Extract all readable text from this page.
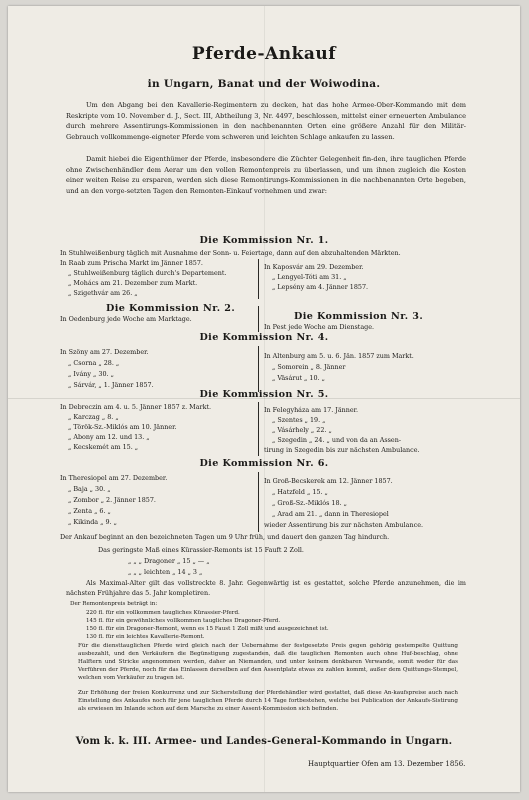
Pferde-Ankauf
in Ungarn, Banat und der Woiwodina.

Um den Abgang bei den Kavallerie-Regimentern zu decken, hat das hohe Armee-Ober-Kommando mit dem Reskripte vom 10. November d. J., Sect. III, Abtheilung 3, Nr. 4497, beschlossen, mittelst einer erneuerten Ambulance durch mehrere Assentirungs-Kommissionen in den nachbenannten Orten eine größere Anzahl für den Militär-Gebrauch vollkommenge-eigneter Pferde vom schweren und leichten Schlage ankaufen zu lassen.

Damit hiebei die Eigenthümer der Pferde, insbesondere die Züchter Gelegenheit fin-den, ihre tauglichen Pferde ohne Zwischenhändler dem Aerar um den vollen Remontenpreis zu überlassen, und um ihnen zugleich die Kosten einer weiten Reise zu ersparen, werden sich diese Remontirungs-Kommissionen in die nachbenannten Orte begeben, und an den vorge-setzten Tagen den Remonten-Einkauf vornehmen und zwar:

Die Kommission Nr. 1.
In Stuhlweißenburg täglich mit Ausnahme der Sonn- u. Feiertage, dann auf den abzuhaltenden Märkten.
In Raab zum Prischa Markt im Jänner 1857.
„ Stuhlweißenburg täglich durch's Departement.
„ Mohács am 21. Dezember zum Markt.
„ Szigethvár am 26. „
In Kaposvár am 29. Dezember.
„ Lengyel-Tóti am 31. „
„ Lepsény am 4. Jänner 1857.
Die Kommission Nr. 2.
Die Kommission Nr. 3.
In Oedenburg jede Woche am Marktage.
In Pest jede Woche am Dienstage.
Die Kommission Nr. 4.
In Szöny am 27. Dezember.
„ Csorna „ 28. „
„ Ivány „ 30. „
„ Sárvár, „ 1. Jänner 1857.
In Altenburg am 5. u. 6. Jän. 1857 zum Markt.
„ Somorein „ 8. Jänner
„ Väsárut „ 10. „
Die Kommission Nr. 5.
In Debreczin am 4. u. 5. Jänner 1857 z. Markt.
„ Karczag „ 8. „
„ Török-Sz.-Miklós am 10. Jänner.
„ Abony am 12. und 13. „
„ Kecskemét am 15. „
In Felegyháza am 17. Jänner.
„ Szentes „ 19. „
„ Vásárhely „ 22. „
„ Szegedin „ 24. „ und von da an Assen-
tirung in Szegedin bis zur nächsten Ambulance.
Die Kommission Nr. 6.
In Theresiopel am 27. Dezember.
„ Baja „ 30. „
„ Zombor „ 2. Jänner 1857.
„ Zenta „ 6. „
„ Kikinda „ 9. „
In Groß-Becskerek am 12. Jänner 1857.
„ Hatzfeld „ 15. „
„ Groß-Sz.-Miklós 18. „
„ Arad am 21. „ dann in Theresiopel
wieder Assentirung bis zur nächsten Ambulance.
Der Ankauf beginnt an den bezeichneten Tagen um 9 Uhr früh, und dauert den ganzen Tag hindurch.
Das geringste Maß eines Kürassier-Remonts ist 15 Fauft 2 Zoll.
„ „ „ Dragoner „ 15 „ — „
„ „ „ leichten „ 14 „ 3 „

Als Maximal-Alter gilt das vollstreckte 8. Jahr. Gegenwärtig ist es gestattet, solche Pferde anzunehmen, die im nächsten Frühjahre das 5. Jahr kompletiren.

Der Remontenpreis beträgt in:
220 fl. für ein vollkommen taugliches Kürassier-Pferd.
145 fl. für ein gewöhnliches vollkommen taugliches Dragoner-Pferd.
150 fl. für ein Dragoner-Remont, wenn es 15 Faust 1 Zoll mißt und ausgezeichnet ist.
130 fl. für ein leichtes Kavallerie-Remont.

Für die diensttauglichen Pferde wird gleich nach der Uebernahme der festgesetzte Preis gegen gehörig gestempelte Quittung ausbezahlt, und den Verkäufern die Begünstigung zugestanden, daß die tauglichen Remonten auch ohne Huf-beschlag, ohne Halftern und Stricke angenommen werden, daher an Niemanden, und unter keinem denkbaren Verwande, somit weder für das Verführen der Pferde, noch für das Einlassen derselben auf den Assentplatz etwas zu zahlen kommt, außer dem Quittungs-Stempel, welchen vom Verkäufer zu tragen ist.

Zur Erhöhung der freien Konkurrenz und zur Sicherstellung der Pferdehändler wird gestattet, daß diese An-kaufspreise auch nach Einstellung des Ankaufes noch für jene tauglichen Pferde durch 14 Tage fortbestehen, welche bei Publication der Ankaufs-Sistirung als erwiesen im Inlande schon auf dem Marsche zu einer Assent-Kommission sich befinden.

Vom k. k. III. Armee- und Landes-General-Kommando in Ungarn.
Hauptquartier Ofen am 13. Dezember 1856.
